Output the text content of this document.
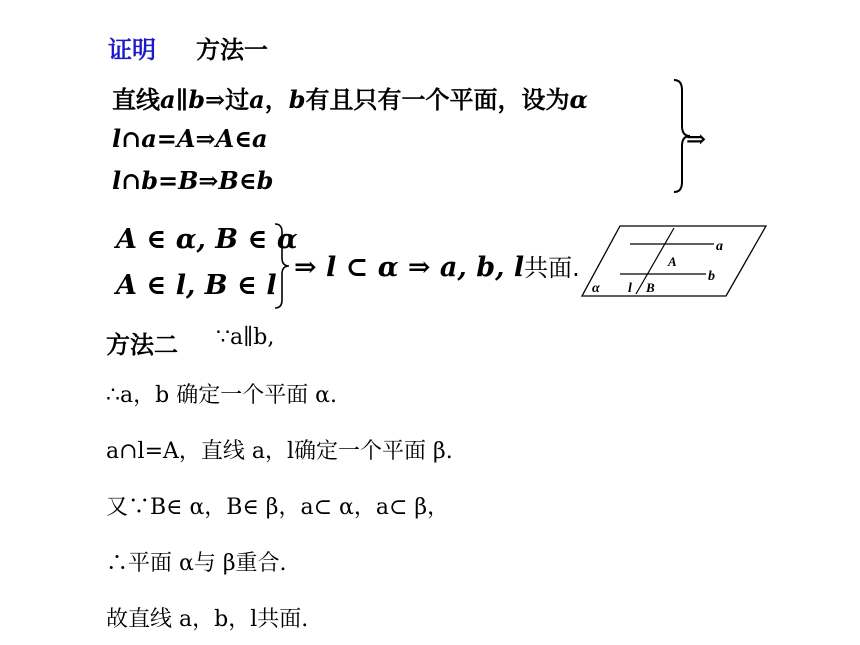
证明 方法一
直线a∥b⇒过a，b有且只有一个平面，设为α
l∩a=A⇒A∈a
l∩b=B⇒B∈b
⇒
A ∈ α, B ∈ α
A ∈ l, B ∈ l
⇒ l ⊂ α ⇒ a, b, l共面.
a
A
b
α l B
方法二 ∵a∥b,
∴a，b 确定一个平面 α.
a∩l=A，直线 a，l确定一个平面 β.
又∵B∈ α，B∈ β，a⊂ α，a⊂ β，
∴平面 α与 β重合.
故直线 a，b，l共面.
